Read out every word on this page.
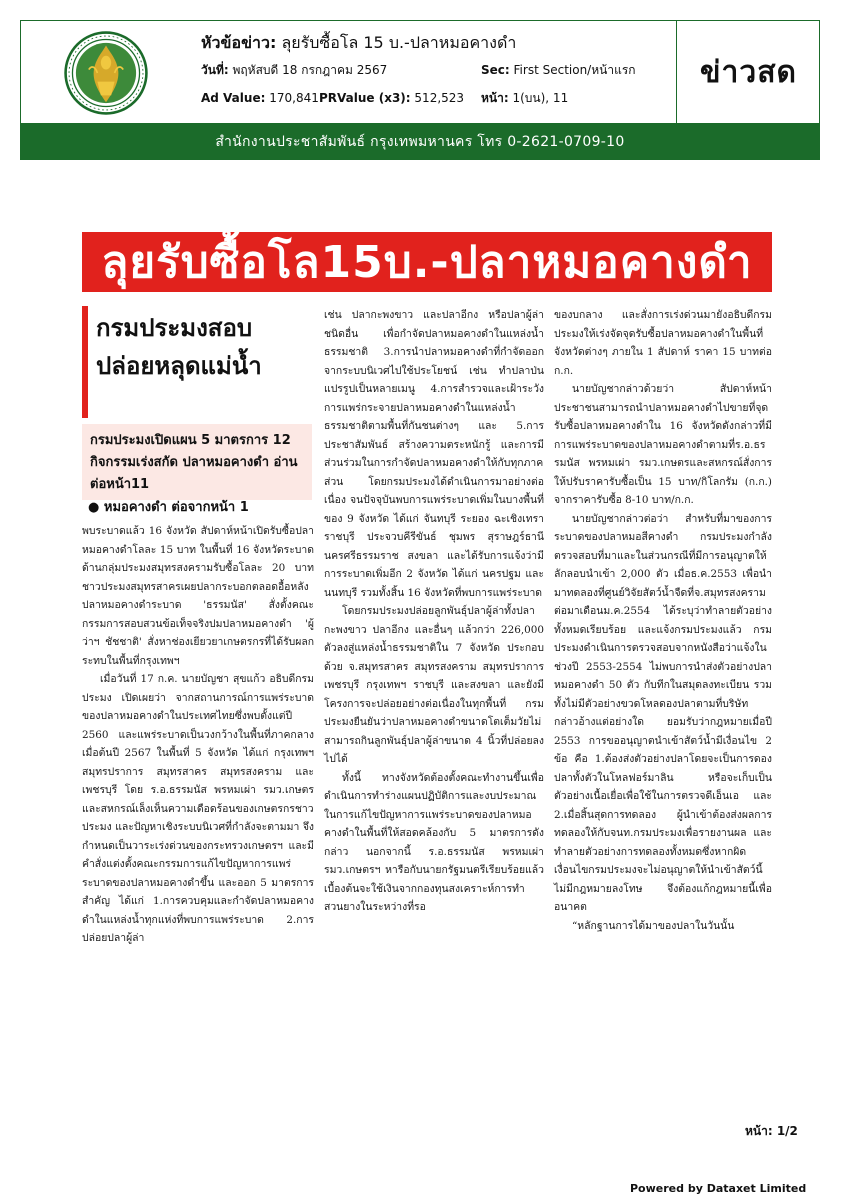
หัวข้อข่าว: ลุยรับซื้อโล 15 บ.-ปลาหมอคางดำ
วันที่: พฤหัสบดี 18 กรกฎาคม 2567	Sec: First Section/หน้าแรก
Ad Value: 170,841 PRValue (x3): 512,523	หน้า: 1(บน), 11
ข่าวสด
สำนักงานประชาสัมพันธ์ กรุงเทพมหานคร โทร 0-2621-0709-10
ลุยรับซื้อโล15บ.-ปลาหมอคางดำ
กรมประมงสอบ
ปล่อยหลุดแม่น้ำ
กรมประมงเปิดแผน 5 มาตรการ 12 กิจกรรมเร่งสกัด ปลาหมอคางดำ อ่านต่อหน้า11
● หมอคางดำ ต่อจากหน้า 1

พบระบาดแล้ว 16 จังหวัด สัปดาห์หน้าเปิดรับซื้อปลาหมอคางดำโลละ 15 บาท ในพื้นที่ 16 จังหวัดระบาด ด้านกลุ่มประมงสมุทรสงครามรับซื้อโลละ 20 บาท ชาวประมงสมุทรสาครเผยปลากระบอกตลอดอื้อหลังปลาหมอคางดำระบาด 'ธรรมนัส' สั่งตั้งคณะกรรมการสอบสวนข้อเท็จจริงปมปลาหมอคางดำ 'ผู้ว่าฯ ชัชชาติ' สั่งหาช่องเยียวยาเกษตรกรที่ได้รับผลกระทบในพื้นที่กรุงเทพฯ

เมื่อวันที่ 17 ก.ค. นายบัญชา สุขแก้ว อธิบดีกรมประมง เปิดเผยว่า จากสถานการณ์การแพร่ระบาดของปลาหมอคางดำในประเทศไทยซึ่งพบตั้งแต่ปี 2560 และแพร่ระบาดเป็นวงกว้างในพื้นที่ภาคกลาง เมื่อต้นปี 2567 ในพื้นที่ 5 จังหวัด ได้แก่ กรุงเทพฯ สมุทรปราการ สมุทรสาคร สมุทรสงคราม และเพชรบุรี โดย ร.อ.ธรรมนัส พรหมเผ่า รมว.เกษตรและสหกรณ์เล็งเห็นความเดือดร้อนของเกษตรกรชาวประมง และปัญหาเชิงระบบนิเวศที่กำลังจะตามมา จึงกำหนดเป็นวาระเร่งด่วนของกระทรวงเกษตรฯ และมีคำสั่งแต่งตั้งคณะกรรมการแก้ไขปัญหาการแพร่ระบาดของปลาหมอคางดำขึ้น และออก 5 มาตรการสำคัญ ได้แก่ 1.การควบคุมและกำจัดปลาหมอคางดำในแหล่งน้ำทุกแห่งที่พบการแพร่ระบาด 2.การปล่อยปลาผู้ล่า

เช่น ปลากะพงขาว และปลาอีกง หรือปลาผู้ล่าชนิดอื่น เพื่อกำจัดปลาหมอคางดำในแหล่งน้ำธรรมชาติ 3.การนำปลาหมอคางดำที่กำจัดออกจากระบบนิเวศไปใช้ประโยชน์ เช่น ทำปลาป่น แปรรูปเป็นหลายเมนู 4.การสำรวจและเฝ้าระวังการแพร่กระจายปลาหมอคางดำในแหล่งน้ำธรรมชาติตามพื้นที่กันชนต่างๆ และ 5.การประชาสัมพันธ์ สร้างความตระหนักรู้ และการมีส่วนร่วมในการกำจัดปลาหมอคางดำให้กับทุกภาคส่วน โดยกรมประมงได้ดำเนินการมาอย่างต่อเนื่อง จนปัจจุบันพบการแพร่ระบาดเพิ่มในบางพื้นที่ของ 9 จังหวัด ได้แก่ จันทบุรี ระยอง ฉะเชิงเทรา ราชบุรี ประจวบคีรีขันธ์ ชุมพร สุราษฎร์ธานี นครศรีธรรมราช สงขลา และได้รับการแจ้งว่ามีการระบาดเพิ่มอีก 2 จังหวัด ได้แก่ นครปฐม และนนทบุรี รวมทั้งสิ้น 16 จังหวัดที่พบการแพร่ระบาด

โดยกรมประมงปล่อยลูกพันธุ์ปลาผู้ล่าทั้งปลากะพงขาว ปลาอีกง และอื่นๆ แล้วกว่า 226,000 ตัวลงสู่แหล่งน้ำธรรมชาติใน 7 จังหวัด ประกอบด้วย จ.สมุทรสาคร สมุทรสงคราม สมุทรปราการ เพชรบุรี กรุงเทพฯ ราชบุรี และสงขลา และยังมีโครงการจะปล่อยอย่างต่อเนื่องในทุกพื้นที่ กรมประมงยืนยันว่าปลาหมอคางดำขนาดโตเต็มวัยไม่สามารถกินลูกพันธุ์ปลาผู้ล่าขนาด 4 นิ้วที่ปล่อยลงไปได้

ทั้งนี้ ทางจังหวัดต้องตั้งคณะทำงานขึ้นเพื่อดำเนินการทำร่างแผนปฏิบัติการและงบประมาณในการแก้ไขปัญหาการแพร่ระบาดของปลาหมอคางดำในพื้นที่ให้สอดคล้องกับ 5 มาตรการดังกล่าว นอกจากนี้ ร.อ.ธรรมนัส พรหมเผ่า รมว.เกษตรฯ หารือกับนายกรัฐมนตรีเรียบร้อยแล้ว เบื้องต้นจะใช้เงินจากกองทุนสงเคราะห์การทำสวนยางในระหว่างที่รอ

ของบกลาง และสั่งการเร่งด่วนมายังอธิบดีกรมประมงให้เร่งจัดจุดรับซื้อปลาหมอคางดำในพื้นที่จังหวัดต่างๆ ภายใน 1 สัปดาห์ ราคา 15 บาทต่อก.ก.

นายบัญชากล่าวด้วยว่า สัปดาห์หน้าประชาชนสามารถนำปลาหมอคางดำไปขายที่จุดรับซื้อปลาหมอคางดำใน 16 จังหวัดดังกล่าวที่มีการแพร่ระบาดของปลาหมอคางดำตามที่ร.อ.ธรรมนัส พรหมเผ่า รมว.เกษตรและสหกรณ์สั่งการให้ปรับราคารับซื้อเป็น 15 บาท/กิโลกรัม (ก.ก.) จากราคารับซื้อ 8-10 บาท/ก.ก.

นายบัญชากล่าวต่อว่า สำหรับที่มาของการระบาดของปลาหมอสีคางดำ กรมประมงกำลังตรวจสอบที่มาและในส่วนกรณีที่มีการอนุญาตให้ลักลอบนำเข้า 2,000 ตัว เมื่อธ.ค.2553 เพื่อนำมาทดลองที่ศูนย์วิจัยสัตว์น้ำจืดที่จ.สมุทรสงคราม ต่อมาเดือนม.ค.2554 ได้ระบุว่าทำลายตัวอย่างทั้งหมดเรียบร้อย และแจ้งกรมประมงแล้ว กรมประมงดำเนินการตรวจสอบจากหนังสือว่าแจ้งในช่วงปี 2553-2554 ไม่พบการนำส่งตัวอย่างปลาหมอคางดำ 50 ตัว กับทีกในสมุดลงทะเบียน รวมทั้งไม่มีตัวอย่างขวดโหลดองปลาตามที่บริษัทกล่าวอ้างแต่อย่างใด ยอมรับว่ากฎหมายเมื่อปี 2553 การขออนุญาตนำเข้าสัตว์น้ำมีเงื่อนไข 2 ข้อ คือ 1.ต้องส่งตัวอย่างปลาโดยจะเป็นการดองปลาทั้งตัวในโหลฟอร์มาลิน หรือจะเก็บเป็นตัวอย่างเนื้อเยื่อเพื่อใช้ในการตรวจดีเอ็นเอ และ 2.เมื่อสิ้นสุดการทดลอง ผู้นำเข้าต้องส่งผลการทดลองให้กับจนท.กรมประมงเพื่อรายงานผล และทำลายตัวอย่างการทดลองทั้งหมดซึ่งหากผิดเงื่อนไขกรมประมงจะไม่อนุญาตให้นำเข้าสัตว์นี้ ไม่มีกฎหมายลงโทษ จึงต้องแก้กฎหมายนี้เพื่ออนาคต

“หลักฐานการได้มาของปลาในวันนั้น

หน้า: 1/2
Powered by Dataxet Limited
